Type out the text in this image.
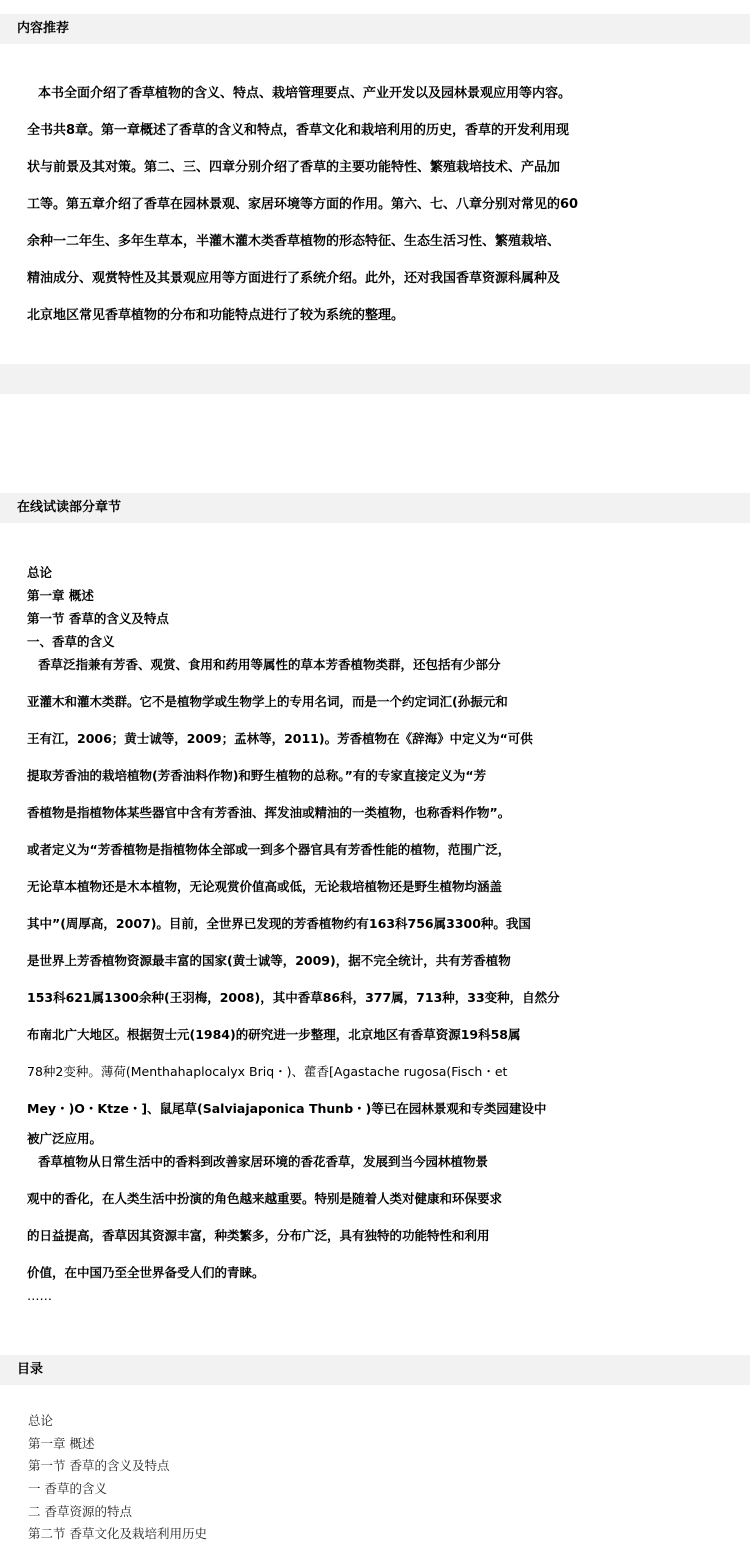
内容推荐

本书全面介绍了香草植物的含义、特点、栽培管理要点、产业开发以及园林景观应用等内容。

全书共8章。第一章概述了香草的含义和特点，香草文化和栽培利用的历史，香草的开发利用现

状与前景及其对策。第二、三、四章分别介绍了香草的主要功能特性、繁殖栽培技术、产品加

工等。第五章介绍了香草在园林景观、家居环境等方面的作用。第六、七、八章分别对常见的60

余种一二年生、多年生草本，半灌木灌木类香草植物的形态特征、生态生活习性、繁殖栽培、

精油成分、观赏特性及其景观应用等方面进行了系统介绍。此外，还对我国香草资源科属种及

北京地区常见香草植物的分布和功能特点进行了较为系统的整理。

在线试读部分章节
总论
第一章 概述
第一节 香草的含义及特点
一、香草的含义
香草泛指兼有芳香、观赏、食用和药用等属性的草本芳香植物类群，还包括有少部分
亚灌木和灌木类群。它不是植物学或生物学上的专用名词，而是一个约定词汇(孙振元和
王有江，2006；黄士诚等，2009；孟林等，2011)。芳香植物在《辞海》中定义为“可供
提取芳香油的栽培植物(芳香油料作物)和野生植物的总称。”有的专家直接定义为“芳
香植物是指植物体某些器官中含有芳香油、挥发油或精油的一类植物，也称香料作物”。
或者定义为“芳香植物是指植物体全部或一到多个器官具有芳香性能的植物，范围广泛，
无论草本植物还是木本植物，无论观赏价值高或低，无论栽培植物还是野生植物均涵盖
其中”(周厚高，2007)。目前，全世界已发现的芳香植物约有163科756属3300种。我国
是世界上芳香植物资源最丰富的国家(黄士诚等，2009)，据不完全统计，共有芳香植物
153科621属1300余种(王羽梅，2008)，其中香草86科，377属，713种，33变种，自然分
布南北广大地区。根据贺士元(1984)的研究进一步整理，北京地区有香草资源19科58属
78种2变种。薄荷(Menthahaplocalyx Briq・)、藿香[Agastache rugosa(Fisch・et
Mey・)O・Ktze・]、鼠尾草(Salviajaponica Thunb・)等已在园林景观和专类园建设中
被广泛应用。
香草植物从日常生活中的香料到改善家居环境的香花香草，发展到当今园林植物景
观中的香化，在人类生活中扮演的角色越来越重要。特别是随着人类对健康和环保要求
的日益提高，香草因其资源丰富，种类繁多，分布广泛，具有独特的功能特性和利用
价值，在中国乃至全世界备受人们的青睐。
……
目录
总论
第一章 概述
第一节 香草的含义及特点
一 香草的含义
二 香草资源的特点
第二节 香草文化及栽培利用历史
